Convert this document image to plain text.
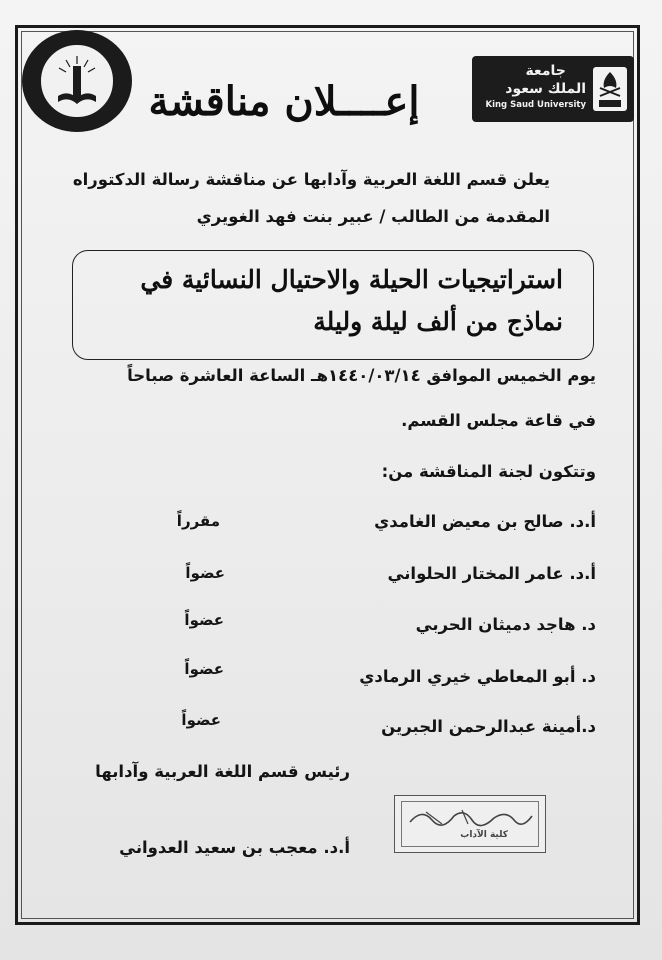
إعــــلان مناقشة
جامعة
الملك سعود
King Saud University
يعلن قسم اللغة العربية وآدابها عن مناقشة رسالة الدكتوراه
المقدمة من الطالب / عبير بنت فهد الغويري
استراتيجيات الحيلة والاحتيال النسائية في
نماذج من ألف ليلة وليلة
يوم الخميس الموافق ١٤٤٠/٠٣/١٤هـ الساعة العاشرة صباحاً
في قاعة مجلس القسم.
وتتكون لجنة المناقشة من:
أ.د. صالح بن معيض الغامدي
مقرراً
أ.د. عامر المختار الحلواني
عضواً
د. هاجد دميثان الحربي
عضواً
د. أبو المعاطي خيري الرمادي
عضواً
د.أمينة عبدالرحمن الجبرين
عضواً
رئيس قسم اللغة العربية وآدابها
كلية الآداب
أ.د. معجب بن سعيد العدواني
